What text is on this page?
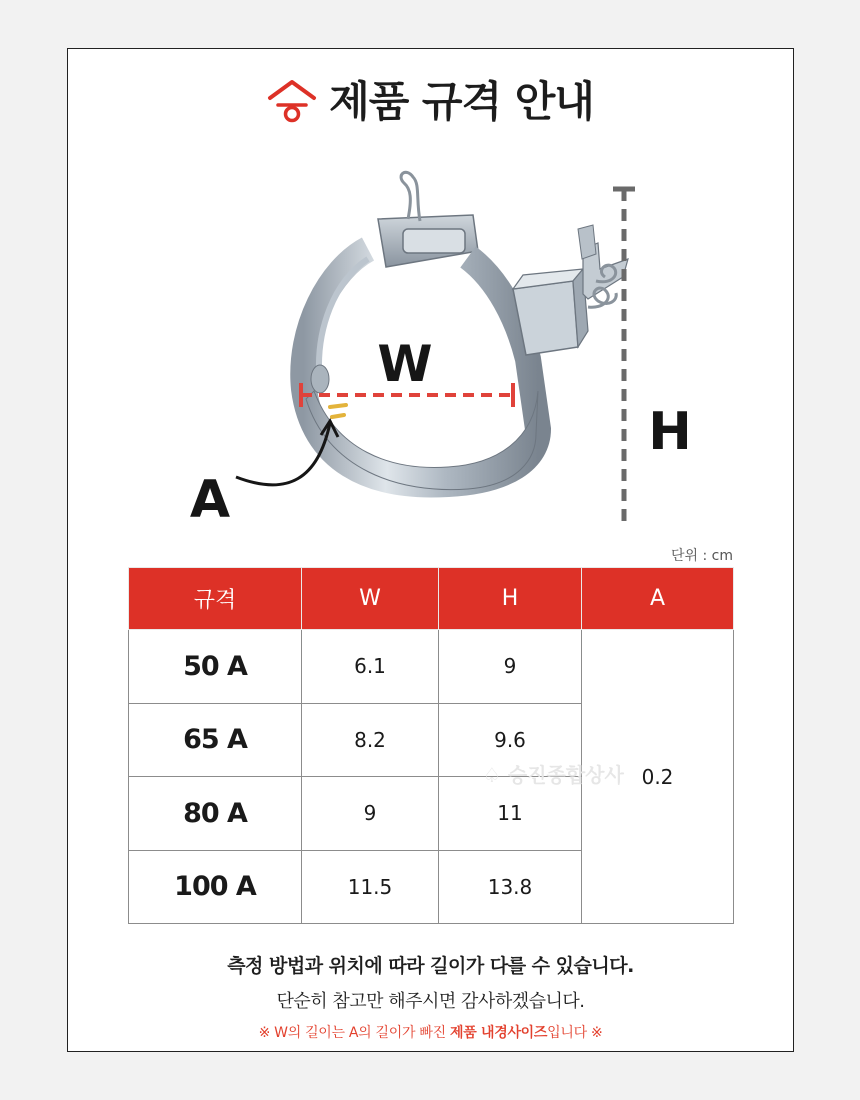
제품 규격 안내
W
H
A
단위 : cm
규격	W	H	A
50 A	6.1	9	0.2
65 A	8.2	9.6	
80 A	9	11	
100 A	11.5	13.8	
♤ 승진종합상사
측정 방법과 위치에 따라 길이가 다를 수 있습니다.
단순히 참고만 해주시면 감사하겠습니다.
※ W의 길이는 A의 길이가 빠진 제품 내경사이즈입니다 ※
